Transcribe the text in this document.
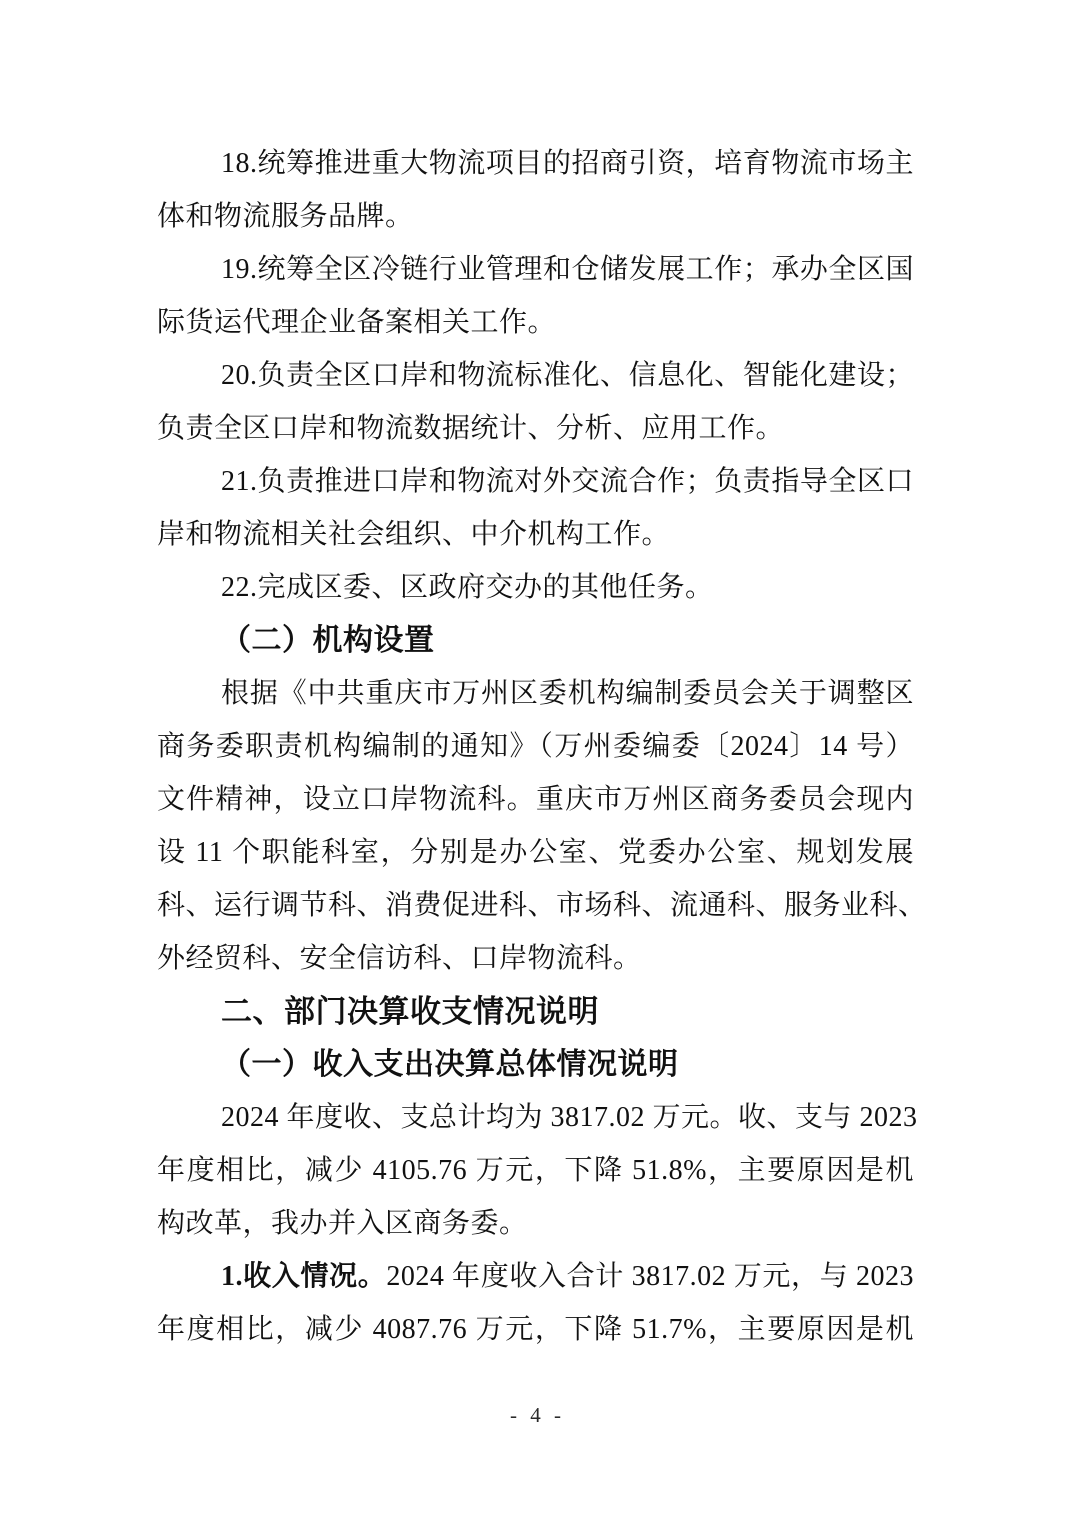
18.统筹推进重大物流项目的招商引资，培育物流市场主
体和物流服务品牌。
19.统筹全区冷链行业管理和仓储发展工作；承办全区国
际货运代理企业备案相关工作。
20.负责全区口岸和物流标准化、信息化、智能化建设；
负责全区口岸和物流数据统计、分析、应用工作。
21.负责推进口岸和物流对外交流合作；负责指导全区口
岸和物流相关社会组织、中介机构工作。
22.完成区委、区政府交办的其他任务。
（二）机构设置
根据《中共重庆市万州区委机构编制委员会关于调整区
商务委职责机构编制的通知》（万州委编委〔2024〕14 号）
文件精神，设立口岸物流科。重庆市万州区商务委员会现内
设 11 个职能科室，分别是办公室、党委办公室、规划发展
科、运行调节科、消费促进科、市场科、流通科、服务业科、
外经贸科、安全信访科、口岸物流科。
二、部门决算收支情况说明
（一）收入支出决算总体情况说明
2024 年度收、支总计均为 3817.02 万元。收、支与 2023
年度相比，减少 4105.76 万元，下降 51.8%，主要原因是机
构改革，我办并入区商务委。
1.收入情况。2024 年度收入合计 3817.02 万元，与 2023
年度相比，减少 4087.76 万元，下降 51.7%，主要原因是机
- 4 -
